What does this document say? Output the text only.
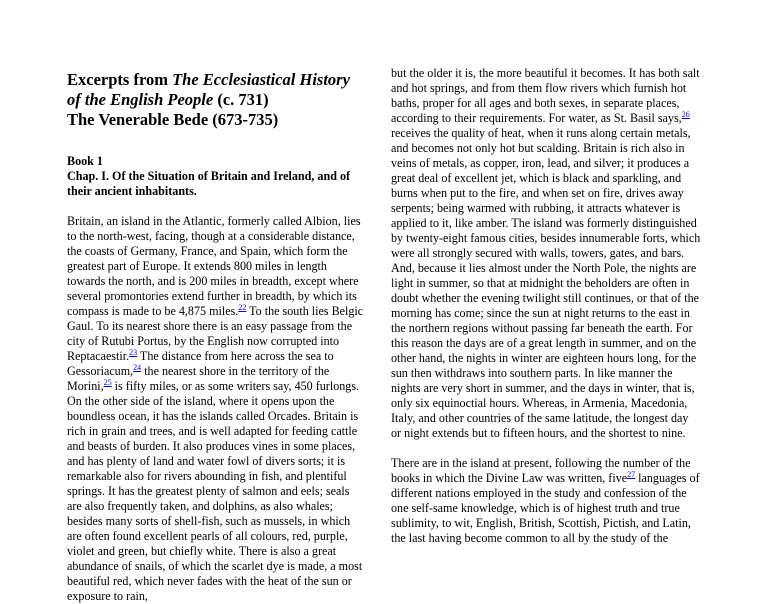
Excerpts from The Ecclesiastical History of the English People (c. 731)
The Venerable Bede (673-735)
Book 1
Chap. I. Of the Situation of Britain and Ireland, and of their ancient inhabitants.

Britain, an island in the Atlantic, formerly called Albion, lies to the north-west, facing, though at a considerable distance, the coasts of Germany, France, and Spain, which form the greatest part of Europe. It extends 800 miles in length towards the north, and is 200 miles in breadth, except where several promontories extend further in breadth, by which its compass is made to be 4,875 miles.$^{22}$ To the south lies Belgic Gaul. To its nearest shore there is an easy passage from the city of Rutubi Portus, by the English now corrupted into Reptacaestir.$^{23}$ The distance from here across the sea to Gessoriacum,$^{24}$ the nearest shore in the territory of the Morini,$^{25}$ is fifty miles, or as some writers say, 450 furlongs. On the other side of the island, where it opens upon the boundless ocean, it has the islands called Orcades. Britain is rich in grain and trees, and is well adapted for feeding cattle and beasts of burden. It also produces vines in some places, and has plenty of land and water fowl of divers sorts; it is remarkable also for rivers abounding in fish, and plentiful springs. It has the greatest plenty of salmon and eels; seals are also frequently taken, and dolphins, as also whales; besides many sorts of shell-fish, such as mussels, in which are often found excellent pearls of all colours, red, purple, violet and green, but chiefly white. There is also a great abundance of snails, of which the scarlet dye is made, a most beautiful red, which never fades with the heat of the sun or exposure to rain,

but the older it is, the more beautiful it becomes. It has both salt and hot springs, and from them flow rivers which furnish hot baths, proper for all ages and both sexes, in separate places, according to their requirements. For water, as St. Basil says,$^{26}$ receives the quality of heat, when it runs along certain metals, and becomes not only hot but scalding. Britain is rich also in veins of metals, as copper, iron, lead, and silver; it produces a great deal of excellent jet, which is black and sparkling, and burns when put to the fire, and when set on fire, drives away serpents; being warmed with rubbing, it attracts whatever is applied to it, like amber. The island was formerly distinguished by twenty-eight famous cities, besides innumerable forts, which were all strongly secured with walls, towers, gates, and bars. And, because it lies almost under the North Pole, the nights are light in summer, so that at midnight the beholders are often in doubt whether the evening twilight still continues, or that of the morning has come; since the sun at night returns to the east in the northern regions without passing far beneath the earth. For this reason the days are of a great length in summer, and on the other hand, the nights in winter are eighteen hours long, for the sun then withdraws into southern parts. In like manner the nights are very short in summer, and the days in winter, that is, only six equinoctial hours. Whereas, in Armenia, Macedonia, Italy, and other countries of the same latitude, the longest day or night extends but to fifteen hours, and the shortest to nine.

There are in the island at present, following the number of the books in which the Divine Law was written, five$^{27}$ languages of different nations employed in the study and confession of the one self-same knowledge, which is of highest truth and true sublimity, to wit, English, British, Scottish, Pictish, and Latin, the last having become common to all by the study of the
